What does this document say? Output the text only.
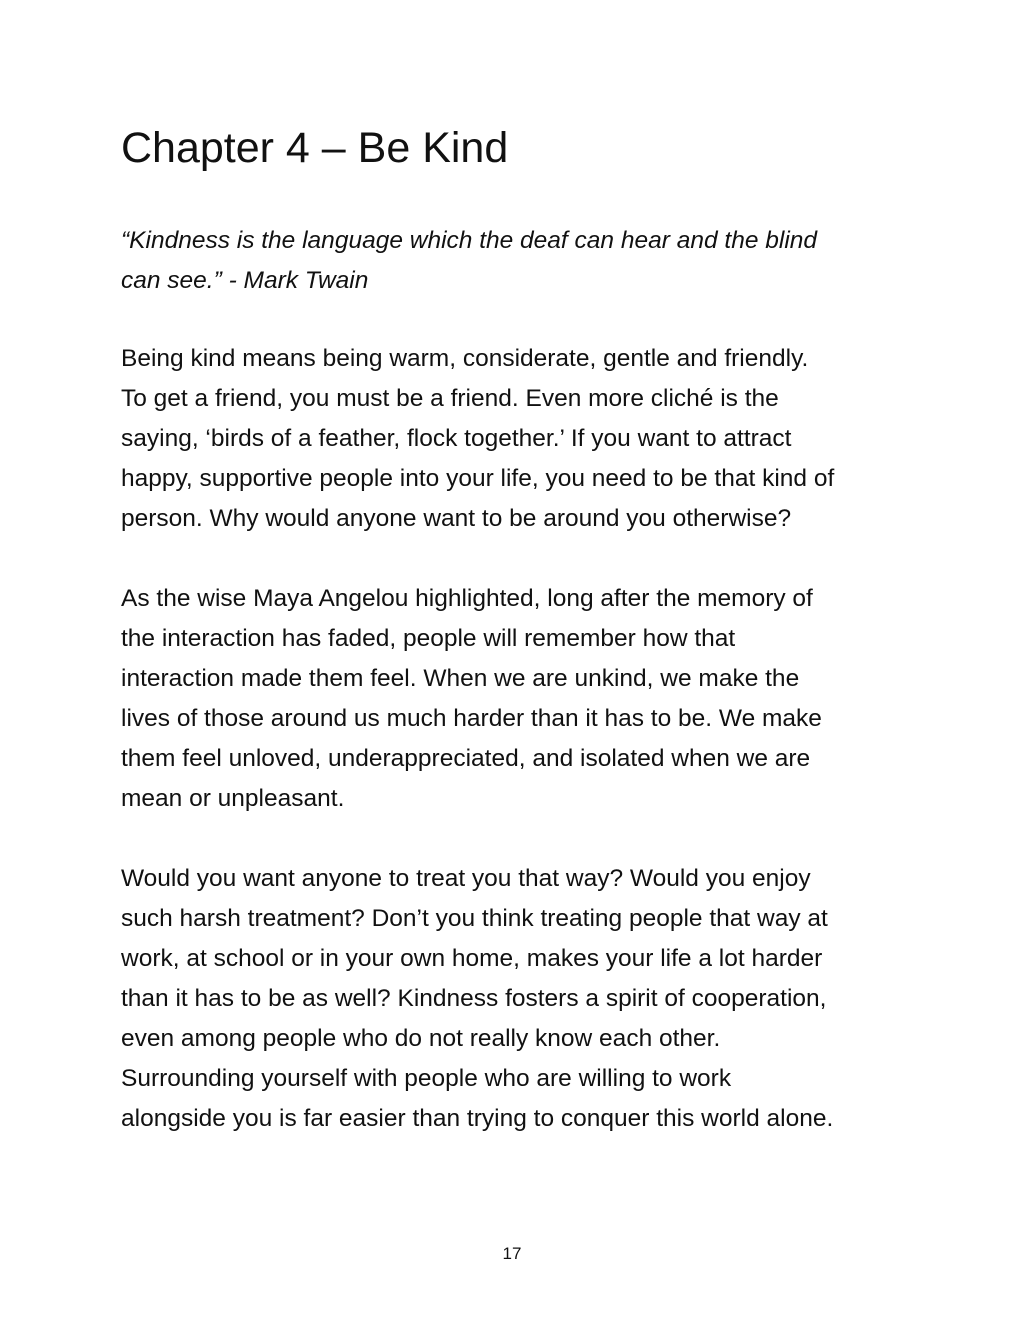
Chapter 4 – Be Kind

“Kindness is the language which the deaf can hear and the blind
can see.” - Mark Twain

Being kind means being warm, considerate, gentle and friendly.
To get a friend, you must be a friend. Even more cliché is the
saying, ‘birds of a feather, flock together.’ If you want to attract
happy, supportive people into your life, you need to be that kind of
person. Why would anyone want to be around you otherwise?

As the wise Maya Angelou highlighted, long after the memory of
the interaction has faded, people will remember how that
interaction made them feel. When we are unkind, we make the
lives of those around us much harder than it has to be. We make
them feel unloved, underappreciated, and isolated when we are
mean or unpleasant.

Would you want anyone to treat you that way? Would you enjoy
such harsh treatment? Don’t you think treating people that way at
work, at school or in your own home, makes your life a lot harder
than it has to be as well? Kindness fosters a spirit of cooperation,
even among people who do not really know each other.
Surrounding yourself with people who are willing to work
alongside you is far easier than trying to conquer this world alone.

17
